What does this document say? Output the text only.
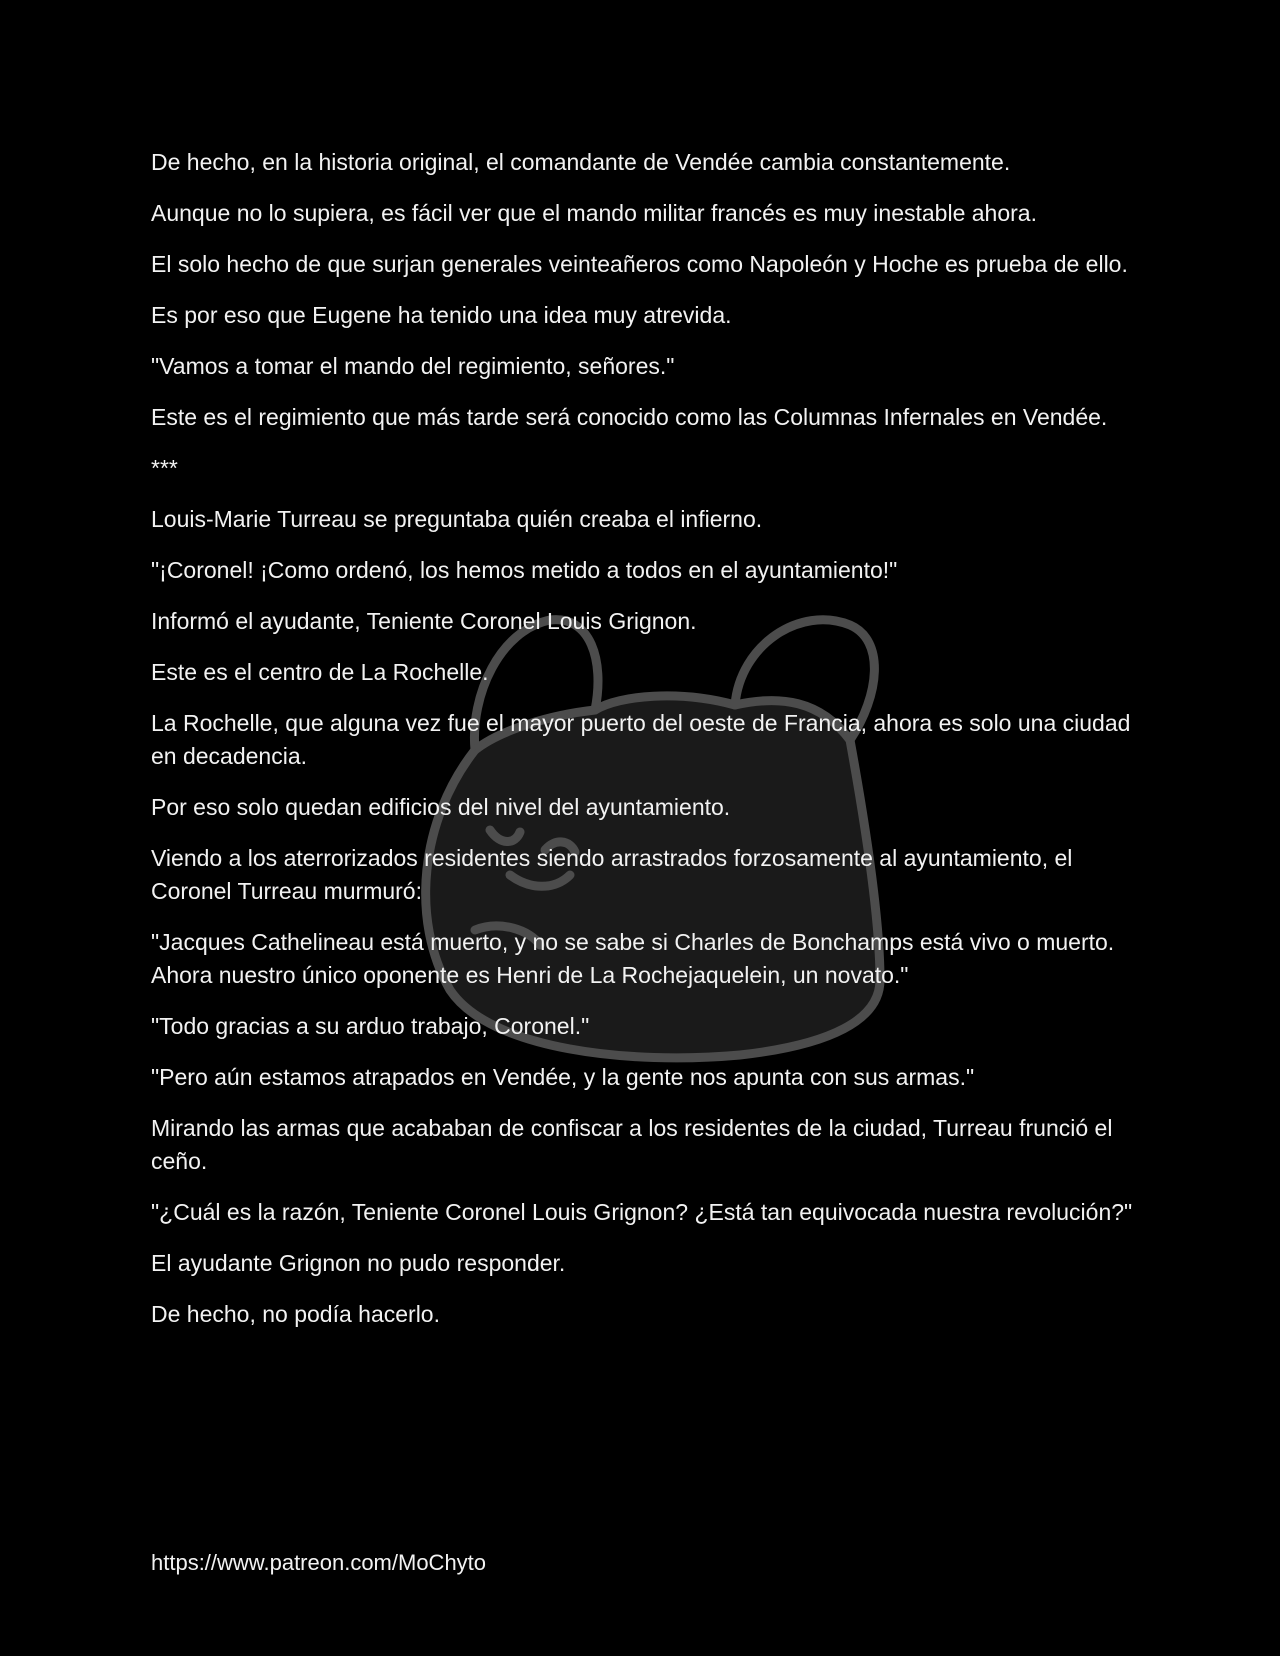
De hecho, en la historia original, el comandante de Vendée cambia constantemente.

Aunque no lo supiera, es fácil ver que el mando militar francés es muy inestable ahora.

El solo hecho de que surjan generales veinteañeros como Napoleón y Hoche es prueba de ello.

Es por eso que Eugene ha tenido una idea muy atrevida.

"Vamos a tomar el mando del regimiento, señores."

Este es el regimiento que más tarde será conocido como las Columnas Infernales en Vendée.

***

Louis-Marie Turreau se preguntaba quién creaba el infierno.

"¡Coronel! ¡Como ordenó, los hemos metido a todos en el ayuntamiento!"

Informó el ayudante, Teniente Coronel Louis Grignon.

Este es el centro de La Rochelle.

La Rochelle, que alguna vez fue el mayor puerto del oeste de Francia, ahora es solo una ciudad en decadencia.

Por eso solo quedan edificios del nivel del ayuntamiento.

Viendo a los aterrorizados residentes siendo arrastrados forzosamente al ayuntamiento, el Coronel Turreau murmuró:

"Jacques Cathelineau está muerto, y no se sabe si Charles de Bonchamps está vivo o muerto. Ahora nuestro único oponente es Henri de La Rochejaquelein, un novato."

"Todo gracias a su arduo trabajo, Coronel."

"Pero aún estamos atrapados en Vendée, y la gente nos apunta con sus armas."

Mirando las armas que acababan de confiscar a los residentes de la ciudad, Turreau frunció el ceño.

"¿Cuál es la razón, Teniente Coronel Louis Grignon? ¿Está tan equivocada nuestra revolución?"

El ayudante Grignon no pudo responder.

De hecho, no podía hacerlo.

https://www.patreon.com/MoChyto
